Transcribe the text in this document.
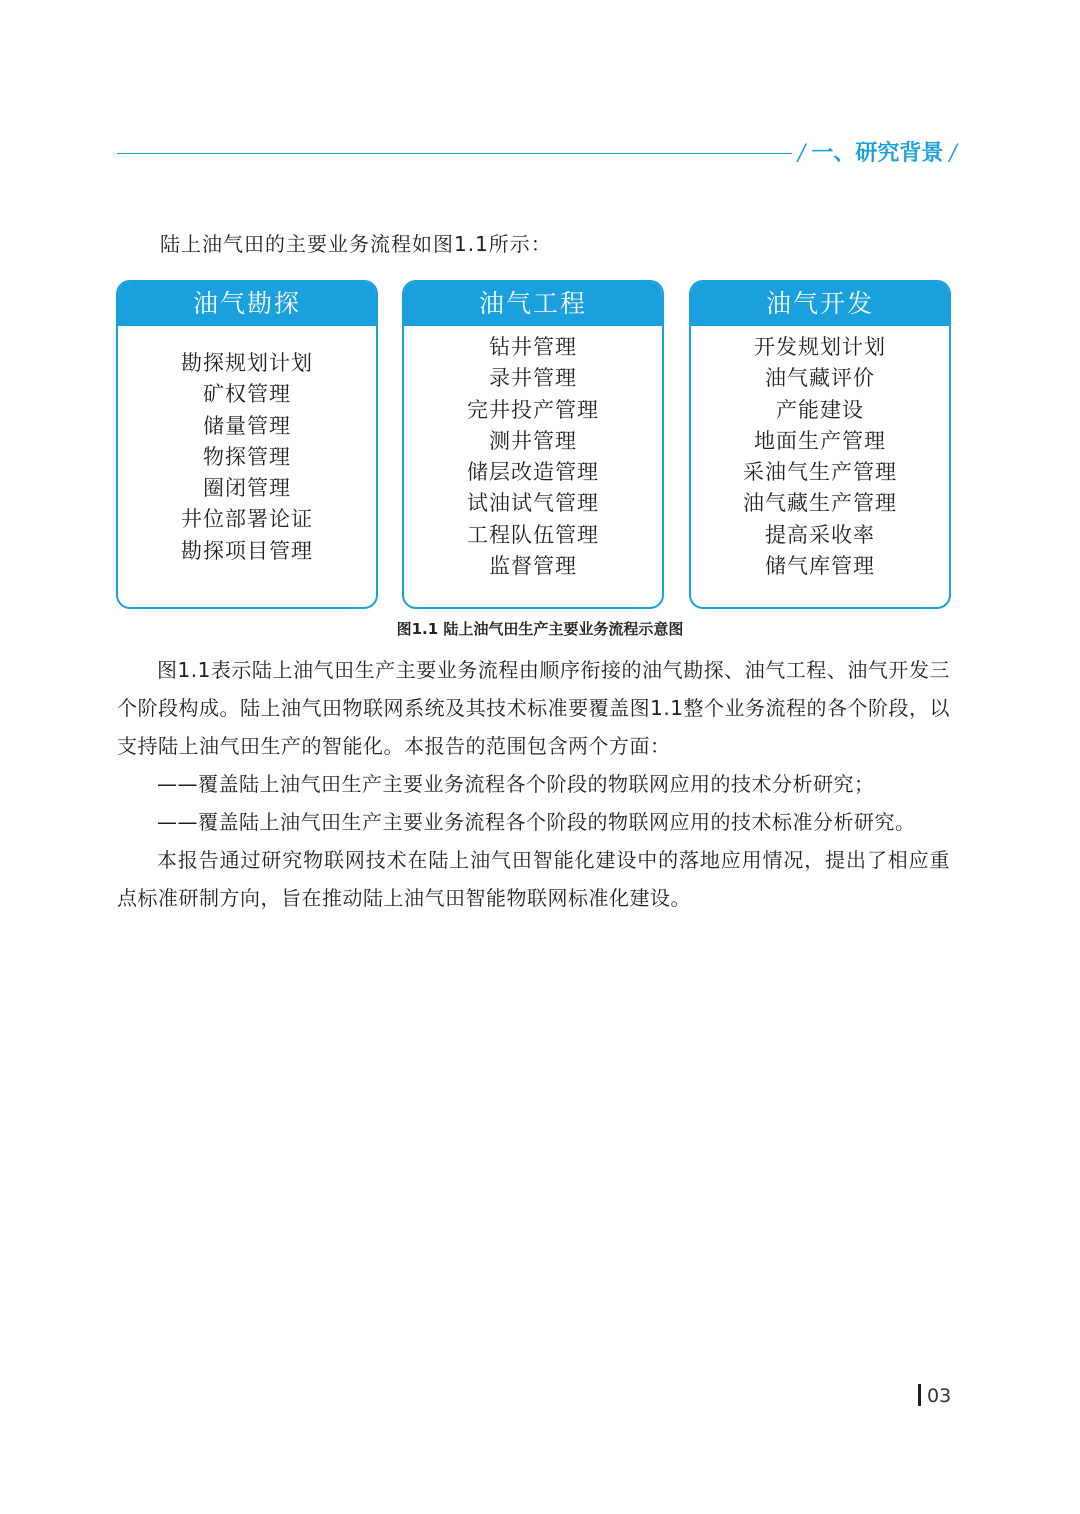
/ 一、研究背景 /
陆上油气田的主要业务流程如图1.1所示：
油气勘探
勘探规划计划
矿权管理
储量管理
物探管理
圈闭管理
井位部署论证
勘探项目管理
油气工程
钻井管理
录井管理
完井投产管理
测井管理
储层改造管理
试油试气管理
工程队伍管理
监督管理
油气开发
开发规划计划
油气藏评价
产能建设
地面生产管理
采油气生产管理
油气藏生产管理
提高采收率
储气库管理
图1.1 陆上油气田生产主要业务流程示意图

图1.1表示陆上油气田生产主要业务流程由顺序衔接的油气勘探、油气工程、油气开发三个阶段构成。陆上油气田物联网系统及其技术标准要覆盖图1.1整个业务流程的各个阶段，以支持陆上油气田生产的智能化。本报告的范围包含两个方面：

——覆盖陆上油气田生产主要业务流程各个阶段的物联网应用的技术分析研究；

——覆盖陆上油气田生产主要业务流程各个阶段的物联网应用的技术标准分析研究。

本报告通过研究物联网技术在陆上油气田智能化建设中的落地应用情况，提出了相应重点标准研制方向，旨在推动陆上油气田智能物联网标准化建设。

03
